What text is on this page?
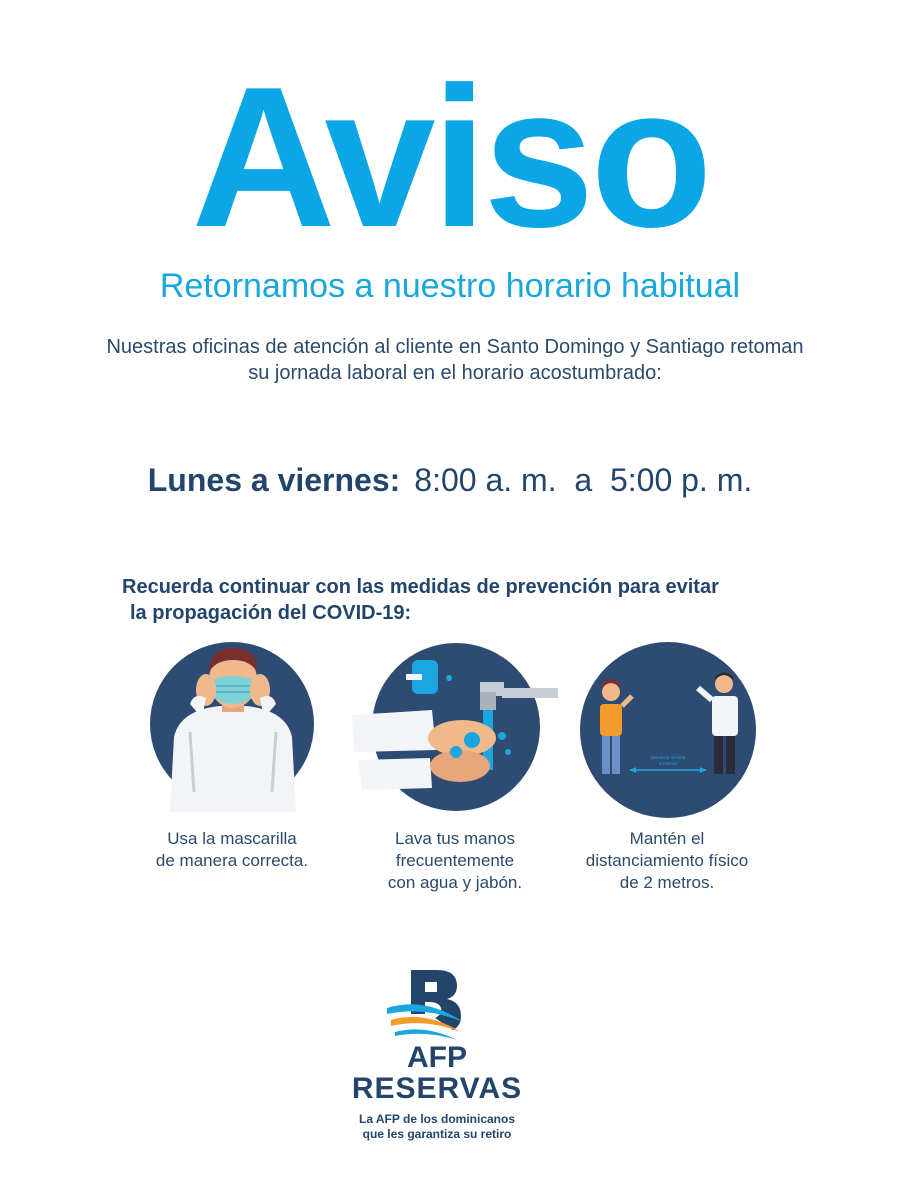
Aviso
Retornamos a nuestro horario habitual
Nuestras oficinas de atención al cliente en Santo Domingo y Santiago retoman
su jornada laboral en el horario acostumbrado:
Lunes a viernes: 8:00 a. m.  a  5:00 p. m.
Recuerda continuar con las medidas de prevención para evitar
la propagación del COVID-19:
Usa la mascarilla
de manera correcta.
Lava tus manos
frecuentemente
con agua y jabón.
Distancia mínima
2 metros
Mantén el
distanciamiento físico
de 2 metros.
AFP
RESERVAS
La AFP de los dominicanos
que les garantiza su retiro
